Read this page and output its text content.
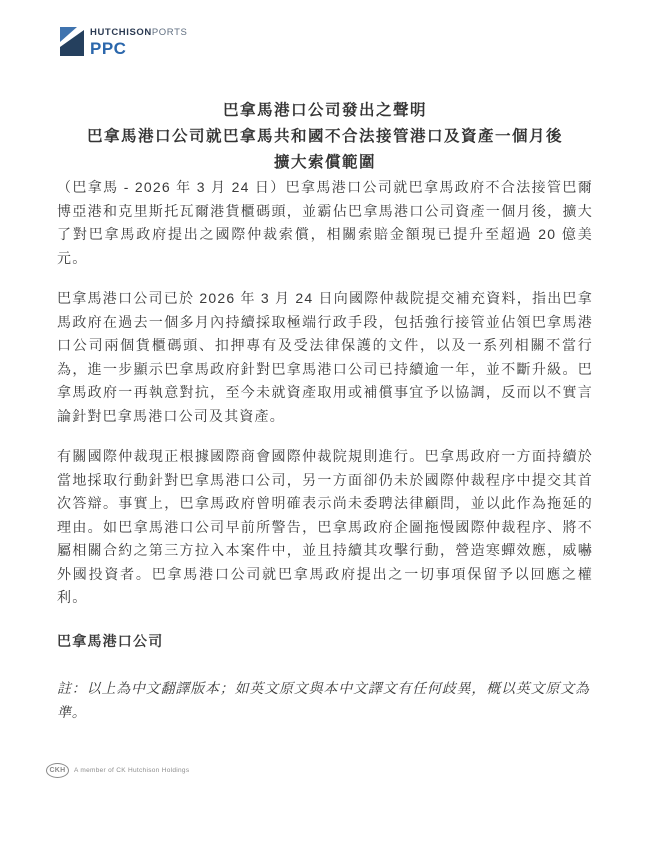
HUTCHISONPORTS
PPC
巴拿馬港口公司發出之聲明
巴拿馬港口公司就巴拿馬共和國不合法接管港口及資產一個月後
擴大索償範圍

（巴拿馬 - 2026 年 3 月 24 日）巴拿馬港口公司就巴拿馬政府不合法接管巴爾博亞港和克里斯托瓦爾港貨櫃碼頭，並霸佔巴拿馬港口公司資產一個月後，擴大了對巴拿馬政府提出之國際仲裁索償，相關索賠金額現已提升至超過 20 億美元。

巴拿馬港口公司已於 2026 年 3 月 24 日向國際仲裁院提交補充資料，指出巴拿馬政府在過去一個多月內持續採取極端行政手段，包括強行接管並佔領巴拿馬港口公司兩個貨櫃碼頭、扣押專有及受法律保護的文件，以及一系列相關不當行為，進一步顯示巴拿馬政府針對巴拿馬港口公司已持續逾一年，並不斷升級。巴拿馬政府一再執意對抗，至今未就資產取用或補償事宜予以協調，反而以不實言論針對巴拿馬港口公司及其資產。

有關國際仲裁現正根據國際商會國際仲裁院規則進行。巴拿馬政府一方面持續於當地採取行動針對巴拿馬港口公司，另一方面卻仍未於國際仲裁程序中提交其首次答辯。事實上，巴拿馬政府曾明確表示尚未委聘法律顧問，並以此作為拖延的理由。如巴拿馬港口公司早前所警告，巴拿馬政府企圖拖慢國際仲裁程序、將不屬相關合約之第三方拉入本案件中，並且持續其攻擊行動，營造寒蟬效應，威嚇外國投資者。巴拿馬港口公司就巴拿馬政府提出之一切事項保留予以回應之權利。

巴拿馬港口公司

註：以上為中文翻譯版本；如英文原文與本中文譯文有任何歧異，概以英文原文為準。

CKH	A member of CK Hutchison Holdings
